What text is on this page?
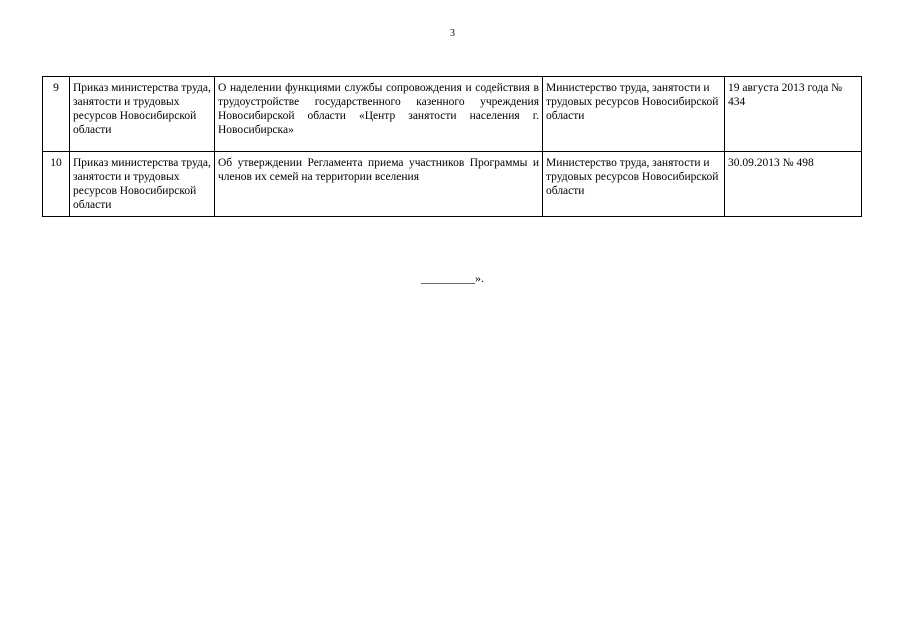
3
9	Приказ министерства труда, занятости и трудовых ресурсов Новосибирской области	О наделении функциями службы сопровождения и содействия в трудоустройстве государственного казенного учреждения Новосибирской области «Центр занятости населения г. Новосибирска»	Министерство труда, занятости и трудовых ресурсов Новосибирской области	19 августа 2013 года № 434
10	Приказ министерства труда, занятости и трудовых ресурсов Новосибирской области	Об утверждении Регламента приема участников Программы и членов их семей на территории вселения	Министерство труда, занятости и трудовых ресурсов Новосибирской области	30.09.2013 № 498
_________».
